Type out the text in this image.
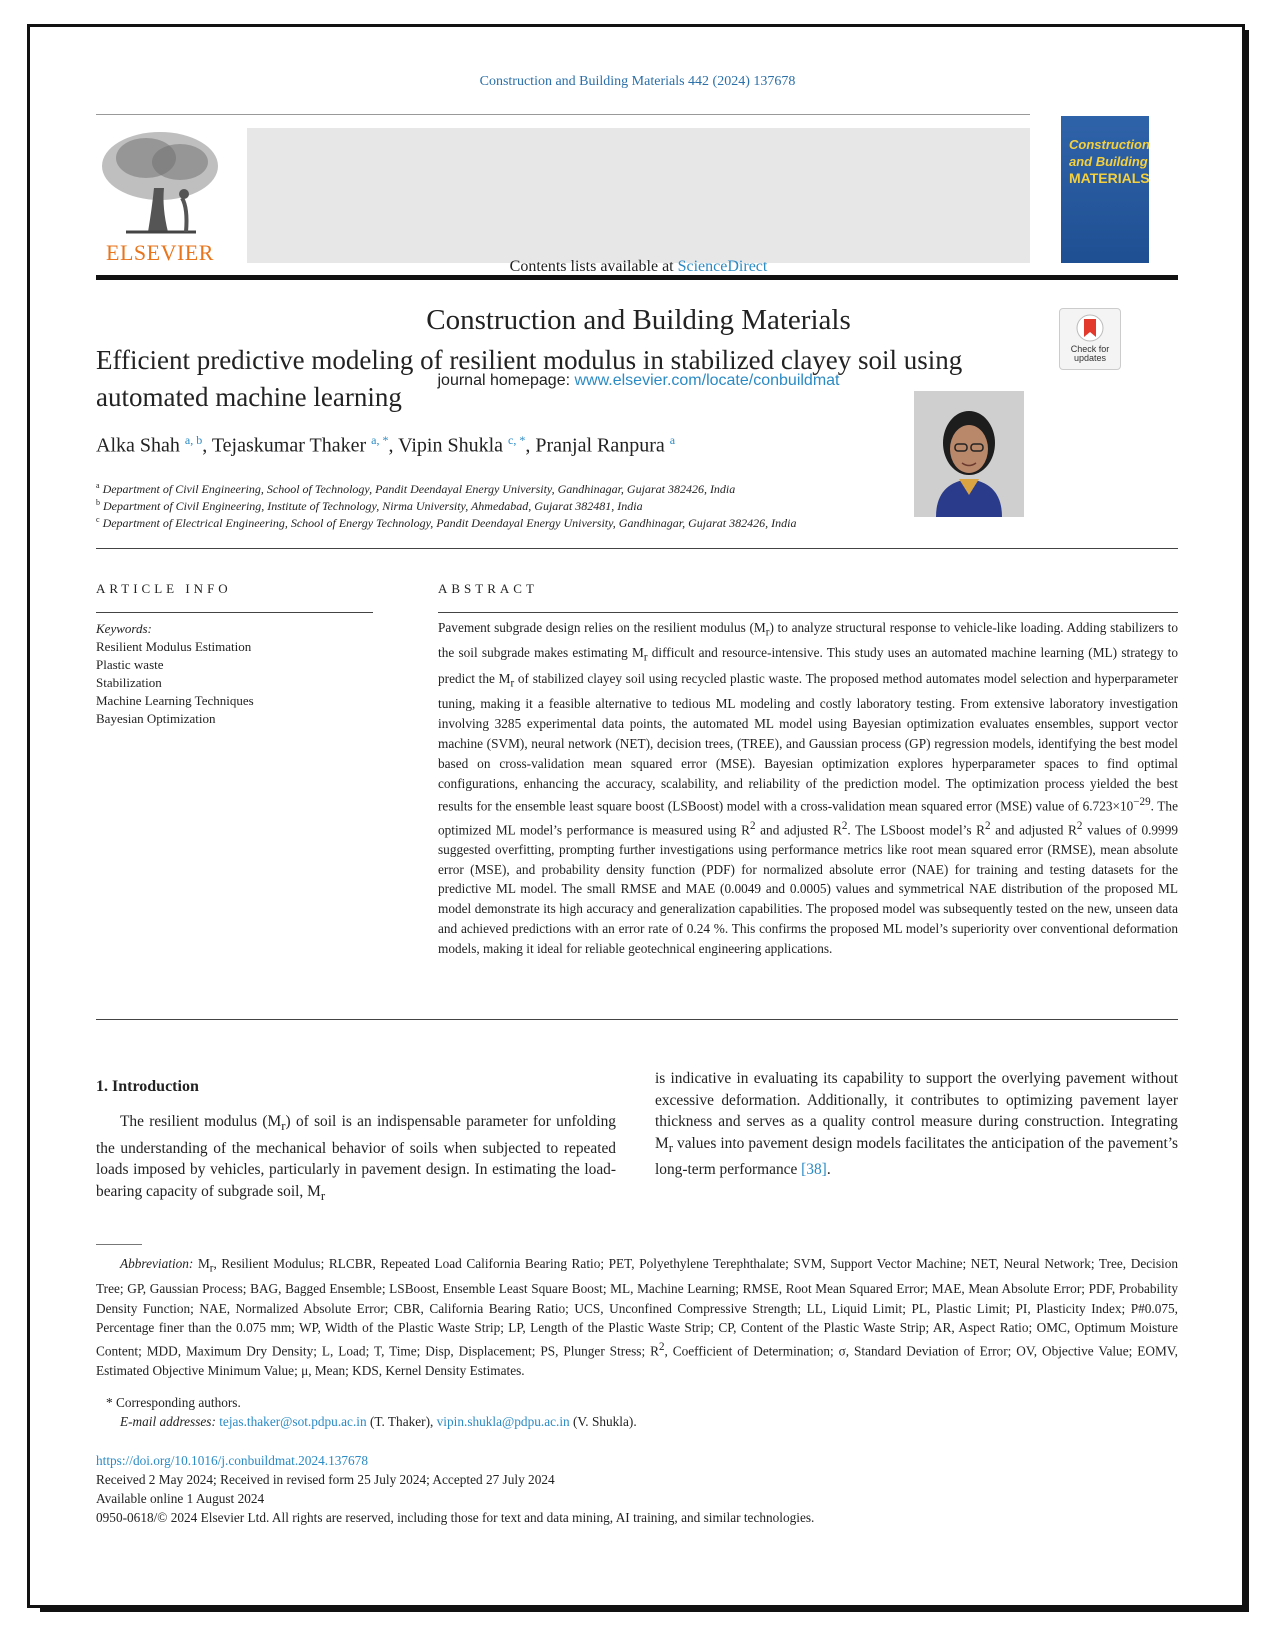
Construction and Building Materials 442 (2024) 137678
ELSEVIER
Contents lists available at ScienceDirect
Construction and Building Materials
journal homepage: www.elsevier.com/locate/conbuildmat
Construction
and Building
MATERIALS
Check for updates
Efficient predictive modeling of resilient modulus in stabilized clayey soil using automated machine learning
Alka Shah $^{a, b}$, Tejaskumar Thaker $^{a, *}$, Vipin Shukla $^{c, *}$, Pranjal Ranpura $^a$
$^a$ Department of Civil Engineering, School of Technology, Pandit Deendayal Energy University, Gandhinagar, Gujarat 382426, India
$^b$ Department of Civil Engineering, Institute of Technology, Nirma University, Ahmedabad, Gujarat 382481, India
$^c$ Department of Electrical Engineering, School of Energy Technology, Pandit Deendayal Energy University, Gandhinagar, Gujarat 382426, India
ARTICLE INFO
Keywords:
Resilient Modulus Estimation
Plastic waste
Stabilization
Machine Learning Techniques
Bayesian Optimization
ABSTRACT
Pavement subgrade design relies on the resilient modulus $(M_r)$ to analyze structural response to vehicle-like loading. Adding stabilizers to the soil subgrade makes estimating $M_r$ difficult and resource-intensive. This study uses an automated machine learning (ML) strategy to predict the $M_r$ of stabilized clayey soil using recycled plastic waste. The proposed method automates model selection and hyperparameter tuning, making it a feasible alternative to tedious ML modeling and costly laboratory testing. From extensive laboratory investigation involving 3285 experimental data points, the automated ML model using Bayesian optimization evaluates ensembles, support vector machine (SVM), neural network (NET), decision trees, (TREE), and Gaussian process (GP) regression models, identifying the best model based on cross-validation mean squared error (MSE). Bayesian optimization explores hyperparameter spaces to find optimal configurations, enhancing the accuracy, scalability, and reliability of the prediction model. The optimization process yielded the best results for the ensemble least square boost (LSBoost) model with a cross-validation mean squared error (MSE) value of $6.723\times 10^{-29}$. The optimized ML model’s performance is measured using $R^2$ and adjusted $R^2$. The LSboost model’s $R^2$ and adjusted $R^2$ values of 0.9999 suggested overfitting, prompting further investigations using performance metrics like root mean squared error (RMSE), mean absolute error (MSE), and probability density function (PDF) for normalized absolute error (NAE) for training and testing datasets for the predictive ML model. The small RMSE and MAE (0.0049 and 0.0005) values and symmetrical NAE distribution of the proposed ML model demonstrate its high accuracy and generalization capabilities. The proposed model was subsequently tested on the new, unseen data and achieved predictions with an error rate of 0.24 %. This confirms the proposed ML model’s superiority over conventional deformation models, making it ideal for reliable geotechnical engineering applications.
1. Introduction
The resilient modulus $(M_r)$ of soil is an indispensable parameter for unfolding the understanding of the mechanical behavior of soils when subjected to repeated loads imposed by vehicles, particularly in pavement design. In estimating the load-bearing capacity of subgrade soil, $M_r$
is indicative in evaluating its capability to support the overlying pavement without excessive deformation. Additionally, it contributes to optimizing pavement layer thickness and serves as a quality control measure during construction. Integrating $M_r$ values into pavement design models facilitates the anticipation of the pavement’s long-term performance [38].
Abbreviation: $M_r$, Resilient Modulus; RLCBR, Repeated Load California Bearing Ratio; PET, Polyethylene Terephthalate; SVM, Support Vector Machine; NET, Neural Network; Tree, Decision Tree; GP, Gaussian Process; BAG, Bagged Ensemble; LSBoost, Ensemble Least Square Boost; ML, Machine Learning; RMSE, Root Mean Squared Error; MAE, Mean Absolute Error; PDF, Probability Density Function; NAE, Normalized Absolute Error; CBR, California Bearing Ratio; UCS, Unconfined Compressive Strength; LL, Liquid Limit; PL, Plastic Limit; PI, Plasticity Index; P#0.075, Percentage finer than the 0.075 mm; WP, Width of the Plastic Waste Strip; LP, Length of the Plastic Waste Strip; CP, Content of the Plastic Waste Strip; AR, Aspect Ratio; OMC, Optimum Moisture Content; MDD, Maximum Dry Density; L, Load; T, Time; Disp, Displacement; PS, Plunger Stress; $R^2$, Coefficient of Determination; σ, Standard Deviation of Error; OV, Objective Value; EOMV, Estimated Objective Minimum Value; μ, Mean; KDS, Kernel Density Estimates.
* Corresponding authors.
E-mail addresses: tejas.thaker@sot.pdpu.ac.in (T. Thaker), vipin.shukla@pdpu.ac.in (V. Shukla).
https://doi.org/10.1016/j.conbuildmat.2024.137678
Received 2 May 2024; Received in revised form 25 July 2024; Accepted 27 July 2024
Available online 1 August 2024
0950-0618/© 2024 Elsevier Ltd. All rights are reserved, including those for text and data mining, AI training, and similar technologies.
